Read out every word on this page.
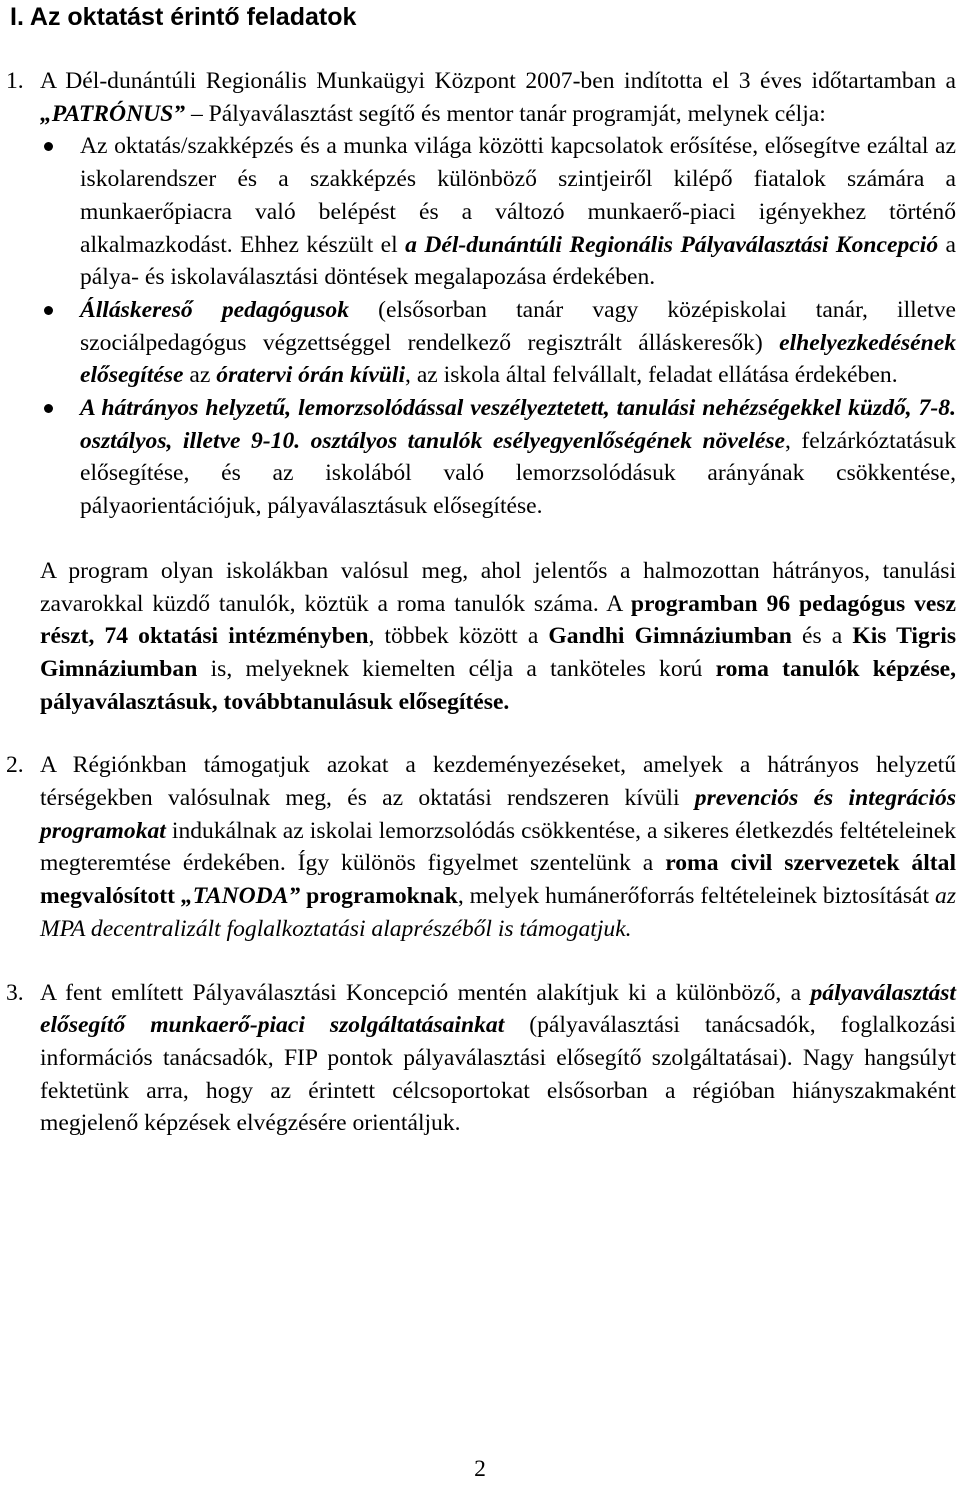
I. Az oktatást érintő feladatok
1. A Dél-dunántúli Regionális Munkaügyi Központ 2007-ben indította el 3 éves időtartamban a „PATRÓNUS” – Pályaválasztást segítő és mentor tanár programját, melynek célja:

Az oktatás/szakképzés és a munka világa közötti kapcsolatok erősítése, elősegítve ezáltal az iskolarendszer és a szakképzés különböző szintjeiről kilépő fiatalok számára a munkaerőpiacra való belépést és a változó munkaerő-piaci igényekhez történő alkalmazkodást. Ehhez készült el a Dél-dunántúli Regionális Pályaválasztási Koncepció a pálya- és iskolaválasztási döntések megalapozása érdekében.
Álláskereső pedagógusok (elsősorban tanár vagy középiskolai tanár, illetve szociálpedagógus végzettséggel rendelkező regisztrált álláskeresők) elhelyezkedésének elősegítése az óratervi órán kívüli, az iskola által felvállalt, feladat ellátása érdekében.
A hátrányos helyzetű, lemorzsolódással veszélyeztetett, tanulási nehézségekkel küzdő, 7-8. osztályos, illetve 9-10. osztályos tanulók esélyegyenlőségének növelése, felzárkóztatásuk elősegítése, és az iskolából való lemorzsolódásuk arányának csökkentése, pályaorientációjuk, pályaválasztásuk elősegítése.

A program olyan iskolákban valósul meg, ahol jelentős a halmozottan hátrányos, tanulási zavarokkal küzdő tanulók, köztük a roma tanulók száma. A programban 96 pedagógus vesz részt, 74 oktatási intézményben, többek között a Gandhi Gimnáziumban és a Kis Tigris Gimnáziumban is, melyeknek kiemelten célja a tanköteles korú roma tanulók képzése, pályaválasztásuk, továbbtanulásuk elősegítése.

2. A Régiónkban támogatjuk azokat a kezdeményezéseket, amelyek a hátrányos helyzetű térségekben valósulnak meg, és az oktatási rendszeren kívüli prevenciós és integrációs programokat indukálnak az iskolai lemorzsolódás csökkentése, a sikeres életkezdés feltételeinek megteremtése érdekében. Így különös figyelmet szentelünk a roma civil szervezetek által megvalósított „TANODA” programoknak, melyek humánerőforrás feltételeinek biztosítását az MPA decentralizált foglalkoztatási alaprészéből is támogatjuk.

3. A fent említett Pályaválasztási Koncepció mentén alakítjuk ki a különböző, a pályaválasztást elősegítő munkaerő-piaci szolgáltatásainkat (pályaválasztási tanácsadók, foglalkozási információs tanácsadók, FIP pontok pályaválasztási elősegítő szolgáltatásai). Nagy hangsúlyt fektetünk arra, hogy az érintett célcsoportokat elsősorban a régióban hiányszakmaként megjelenő képzések elvégzésére orientáljuk.

2
